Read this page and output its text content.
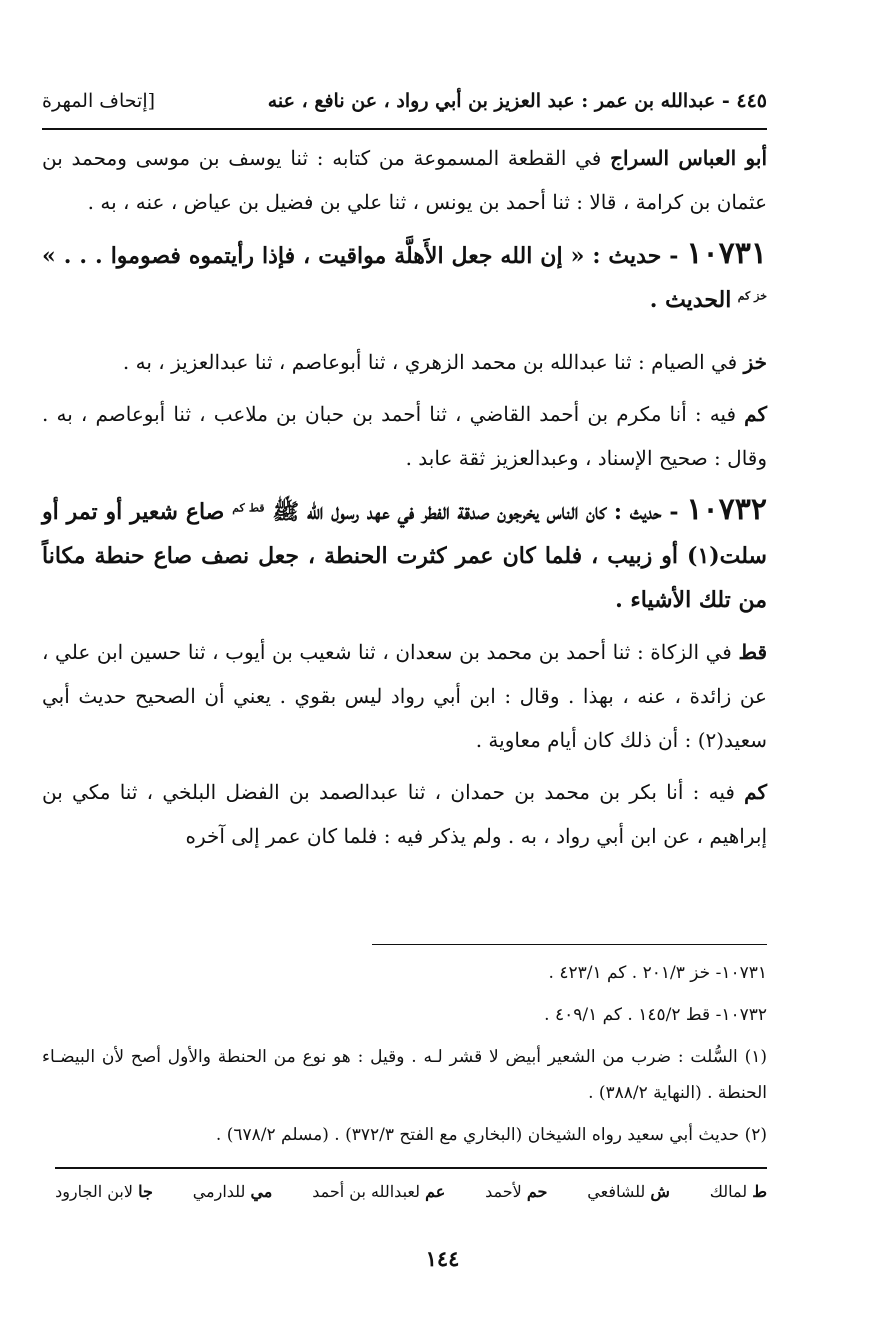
٤٤٥ - عبدالله بن عمر : عبد العزيز بن أبي رواد ، عن نافع ، عنه
[إتحاف المهرة

أبو العباس السراج في القطعة المسموعة من كتابه : ثنا يوسف بن موسى ومحمد بن عثمان بن كرامة ، قالا : ثنا أحمد بن يونس ، ثنا علي بن فضيل بن عياض ، عنه ، به .

١٠٧٣١ - حديث : « إن الله جعل الأَهلَّة مواقيت ، فإذا رأيتموه فصوموا . . . » $^{خز كم}$ الحديث .

خز في الصيام : ثنا عبدالله بن محمد الزهري ، ثنا أبوعاصم ، ثنا عبدالعزيز ، به .

كم فيه : أنا مكرم بن أحمد القاضي ، ثنا أحمد بن حبان بن ملاعب ، ثنا أبوعاصم ، به . وقال : صحيح الإسناد ، وعبدالعزيز ثقة عابد .

١٠٧٣٢ - حديث : كان الناس يخرجون صدقة الفطر في عهد رسول الله ﷺ $^{قط كم}$ صاع شعير أو تمر أو سلت(١) أو زبيب ، فلما كان عمر كثرت الحنطة ، جعل نصف صاع حنطة مكاناً من تلك الأشياء .

قط في الزكاة : ثنا أحمد بن محمد بن سعدان ، ثنا شعيب بن أيوب ، ثنا حسين ابن علي ، عن زائدة ، عنه ، بهذا . وقال : ابن أبي رواد ليس بقوي . يعني أن الصحيح حديث أبي سعيد(٢) : أن ذلك كان أيام معاوية .

كم فيه : أنا بكر بن محمد بن حمدان ، ثنا عبدالصمد بن الفضل البلخي ، ثنا مكي بن إبراهيم ، عن ابن أبي رواد ، به . ولم يذكر فيه : فلما كان عمر إلى آخره

١٠٧٣١- خز ٢٠١/٣ . كم ٤٢٣/١ .

١٠٧٣٢- قط ١٤٥/٢ . كم ٤٠٩/١ .

(١) السُّلت : ضرب من الشعير أبيض لا قشر لـه . وقيل : هو نوع من الحنطة والأول أصح لأن البيضـاء الحنطة . (النهاية ٣٨٨/٢) .

(٢) حديث أبي سعيد رواه الشيخان (البخاري مع الفتح ٣٧٢/٣) . (مسلم ٦٧٨/٢) .

ط لمالك
ش للشافعي
حم لأحمد
عم لعبدالله بن أحمد
مي للدارمي
جا لابن الجارود
١٤٤
